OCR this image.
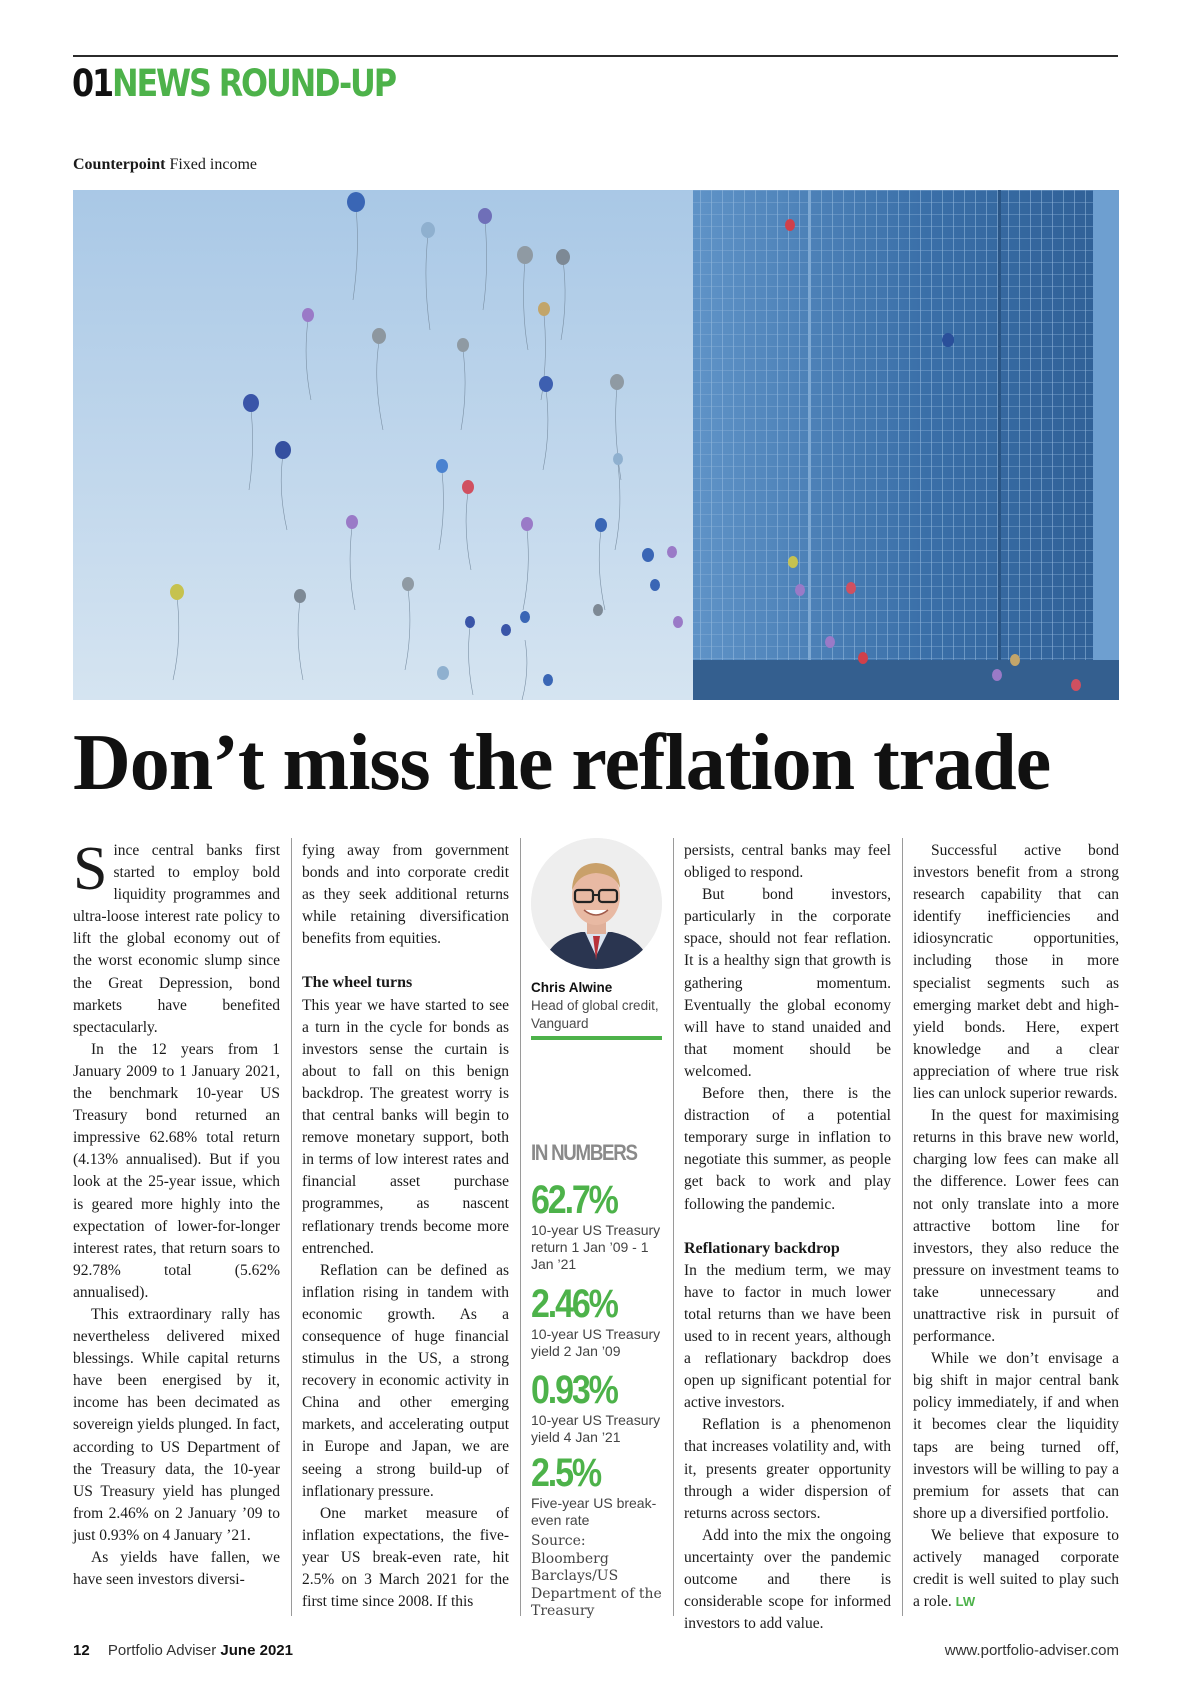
01NEWS ROUND-UP
Counterpoint Fixed income
Don’t miss the reflation trade

Since central banks first started to employ bold liquidity programmes and ultra-loose interest rate policy to lift the global economy out of the worst economic slump since the Great Depression, bond markets have benefited spectacularly.

In the 12 years from 1 January 2009 to 1 January 2021, the benchmark 10-year US Treasury bond returned an impressive 62.68% total return (4.13% annualised). But if you look at the 25-year issue, which is geared more highly into the expectation of lower-for-longer interest rates, that return soars to 92.78% total (5.62% annualised).

This extraordinary rally has nevertheless delivered mixed blessings. While capital returns have been energised by it, income has been decimated as sovereign yields plunged. In fact, according to US Department of the Treasury data, the 10-year US Treasury yield has plunged from 2.46% on 2 January ’09 to just 0.93% on 4 January ’21.

As yields have fallen, we have seen investors diversi-

fying away from government bonds and into corporate credit as they seek additional returns while retaining diversification benefits from equities.

The wheel turns

This year we have started to see a turn in the cycle for bonds as investors sense the curtain is about to fall on this benign backdrop. The greatest worry is that central banks will begin to remove monetary support, both in terms of low interest rates and financial asset purchase programmes, as nascent reflationary trends become more entrenched.

Reflation can be defined as inflation rising in tandem with economic growth. As a consequence of huge financial stimulus in the US, a strong recovery in economic activity in China and other emerging markets, and accelerating output in Europe and Japan, we are seeing a strong build-up of inflationary pressure.

One market measure of inflation expectations, the five-year US break-even rate, hit 2.5% on 3 March 2021 for the first time since 2008. If this

Chris Alwine
Head of global credit, Vanguard
IN NUMBERS
62.7%
10-year US Treasury return 1 Jan ’09 - 1 Jan ’21
2.46%
10-year US Treasury yield 2 Jan ’09
0.93%
10-year US Treasury yield 4 Jan ’21
2.5%
Five-year US break-even rate
Source: Bloomberg Barclays/US Department of the Treasury

persists, central banks may feel obliged to respond.

But bond investors, particularly in the corporate space, should not fear reflation. It is a healthy sign that growth is gathering momentum. Eventually the global economy will have to stand unaided and that moment should be welcomed.

Before then, there is the distraction of a potential temporary surge in inflation to negotiate this summer, as people get back to work and play following the pandemic.

Reflationary backdrop

In the medium term, we may have to factor in much lower total returns than we have been used to in recent years, although a reflationary backdrop does open up significant potential for active investors.

Reflation is a phenomenon that increases volatility and, with it, presents greater opportunity through a wider dispersion of returns across sectors.

Add into the mix the ongoing uncertainty over the pandemic outcome and there is considerable scope for informed investors to add value.

Successful active bond investors benefit from a strong research capability that can identify inefficiencies and idiosyncratic opportunities, including those in more specialist segments such as emerging market debt and high-yield bonds. Here, expert knowledge and a clear appreciation of where true risk lies can unlock superior rewards.

In the quest for maximising returns in this brave new world, charging low fees can make all the difference. Lower fees can not only translate into a more attractive bottom line for investors, they also reduce the pressure on investment teams to take unnecessary and unattractive risk in pursuit of performance.

While we don’t envisage a big shift in major central bank policy immediately, if and when it becomes clear the liquidity taps are being turned off, investors will be willing to pay a premium for assets that can shore up a diversified portfolio.

We believe that exposure to actively managed corporate credit is well suited to play such a role. LW

12 Portfolio Adviser June 2021	www.portfolio-adviser.com
